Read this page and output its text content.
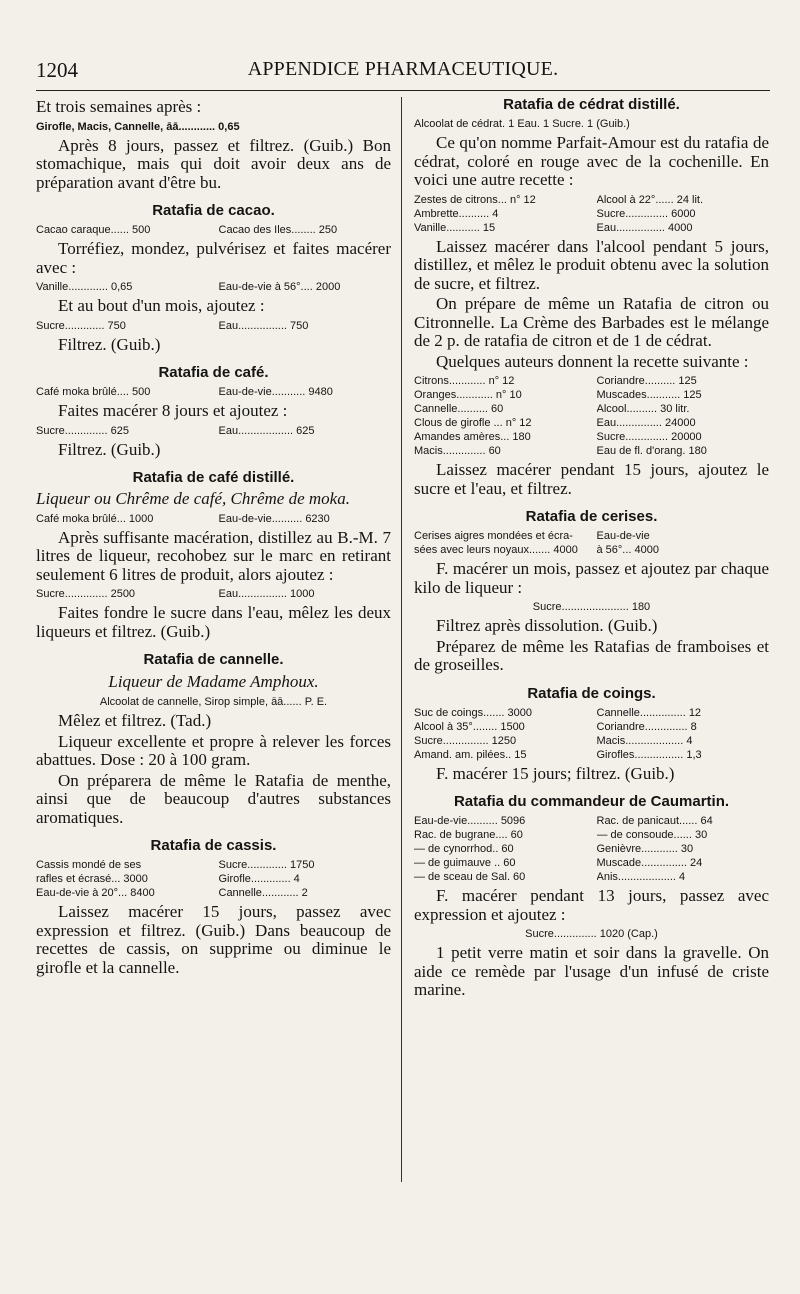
1204	APPENDICE PHARMACEUTIQUE.
Et trois semaines après :
Girofle, Macis, Cannelle, āā............ 0,65
Après 8 jours, passez et filtrez. (Guib.) Bon stomachique, mais qui doit avoir deux ans de préparation avant d'être bu.
Ratafia de cacao.
Cacao caraque...... 500	Cacao des Iles........ 250
Torréfiez, mondez, pulvérisez et faites macérer avec :
Vanille............. 0,65	Eau-de-vie à 56°.... 2000
Et au bout d'un mois, ajoutez :
Sucre............. 750	Eau................ 750
Filtrez. (Guib.)
Ratafia de café.
Café moka brûlé.... 500	Eau-de-vie........... 9480
Faites macérer 8 jours et ajoutez :
Sucre.............. 625	Eau.................. 625
Filtrez. (Guib.)
Ratafia de café distillé.
Liqueur ou Chrême de café, Chrême de moka.
Café moka brûlé... 1000	Eau-de-vie.......... 6230
Après suffisante macération, distillez au B.-M. 7 litres de liqueur, recohobez sur le marc en retirant seulement 6 litres de produit, alors ajoutez :
Sucre.............. 2500	Eau................ 1000
Faites fondre le sucre dans l'eau, mêlez les deux liqueurs et filtrez. (Guib.)
Ratafia de cannelle.
Liqueur de Madame Amphoux.
Alcoolat de cannelle, Sirop simple, āā...... P. E.
Mêlez et filtrez. (Tad.)
Liqueur excellente et propre à relever les forces abattues. Dose : 20 à 100 gram.
On préparera de même le Ratafia de menthe, ainsi que de beaucoup d'autres substances aromatiques.
Ratafia de cassis.
Cassis mondé de ses	Sucre............. 1750
rafles et écrasé... 3000	Girofle............. 4
Eau-de-vie à 20°... 8400	Cannelle............ 2
Laissez macérer 15 jours, passez avec expression et filtrez. (Guib.) Dans beaucoup de recettes de cassis, on supprime ou diminue le girofle et la cannelle.
Ratafia de cédrat distillé.
Alcoolat de cédrat. 1 Eau. 1 Sucre. 1 (Guib.)
Ce qu'on nomme Parfait-Amour est du ratafia de cédrat, coloré en rouge avec de la cochenille. En voici une autre recette :
Zestes de citrons... n° 12	Alcool à 22°...... 24 lit.
Ambrette.......... 4	Sucre.............. 6000
Vanille........... 15	Eau................ 4000
Laissez macérer dans l'alcool pendant 5 jours, distillez, et mêlez le produit obtenu avec la solution de sucre, et filtrez.
On prépare de même un Ratafia de citron ou Citronnelle. La Crème des Barbades est le mélange de 2 p. de ratafia de citron et de 1 de cédrat.
Quelques auteurs donnent la recette suivante :
Citrons............ n° 12	Coriandre.......... 125
Oranges............ n° 10	Muscades........... 125
Cannelle.......... 60	Alcool.......... 30 litr.
Clous de girofle ... n° 12	Eau............... 24000
Amandes amères... 180	Sucre.............. 20000
Macis.............. 60	Eau de fl. d'orang. 180
Laissez macérer pendant 15 jours, ajoutez le sucre et l'eau, et filtrez.
Ratafia de cerises.
Cerises aigres mondées et écra-	Eau-de-vie
sées avec leurs noyaux....... 4000	à 56°... 4000
F. macérer un mois, passez et ajoutez par chaque kilo de liqueur :
Sucre...................... 180
Filtrez après dissolution. (Guib.)
Préparez de même les Ratafias de framboises et de groseilles.
Ratafia de coings.
Suc de coings....... 3000	Cannelle............... 12
Alcool à 35°........ 1500	Coriandre.............. 8
Sucre............... 1250	Macis................... 4
Amand. am. pilées.. 15	Girofles................ 1,3
F. macérer 15 jours; filtrez. (Guib.)
Ratafia du commandeur de Caumartin.
Eau-de-vie.......... 5096	Rac. de panicaut...... 64
Rac. de bugrane.... 60	— de consoude...... 30
— de cynorrhod.. 60	Genièvre............ 30
— de guimauve .. 60	Muscade............... 24
— de sceau de Sal. 60	Anis................... 4
F. macérer pendant 13 jours, passez avec expression et ajoutez :
Sucre.............. 1020 (Cap.)
1 petit verre matin et soir dans la gravelle. On aide ce remède par l'usage d'un infusé de criste marine.
